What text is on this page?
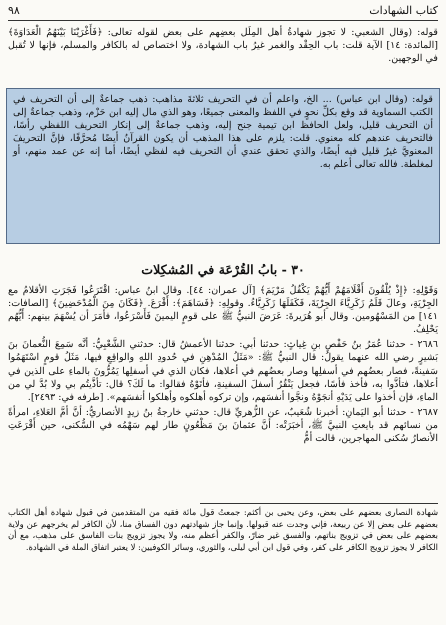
كتاب الشهادات
٩٨

قوله: (وقال الشعبي: لا تجوز شهادةُ أهل المِلَل بعضِهم على بعض لقوله تعالى: ﴿فَأَغْرَيْنَا بَيْنَهُمُ الْعَدَاوَةَ﴾ [المائدة: ١٤] الآية قلت: باب الحِقْد والغمر غيرُ باب الشهادة، ولا اختصاص له بالكافر والمسلم، فإنها لا تُقبل في الوجهين.

قوله: (وقال ابن عباس) ... الخ، واعلم أن في التحريف ثلاثةَ مذاهب: ذهب جماعةٌ إلى أن التحريف في الكتب السماوية قد وقع بكلِّ نحوٍ في اللفظ والمعنى جميعًا، وهو الذي مال إليه ابن حَزْم، وذهب جماعةٌ إلى أن التحريف قليل، ولعل الحافظ ابن تيمية جنح إليه، وذهب جماعةٌ إلى إنكار التحريف اللفظي رأسًا، فالتحريف عندهم كله معنوي. قلت: يلزم على هذا المذهب أن يكون القرآنُ أيضًا مُحرَّفًا، فإنَّ التحريفَ المعنويَّ غيرُ قليل فيه أيضًا، والذي تحقق عندي أن التحريف فيه لفظي أيضًا، أما إنه عن عمد منهم، أو لمغلطة. فالله تعالى أعلم به.

٣٠ - بابُ القُرْعَة في المُشكِلات

وَقَوْلِهِ: ﴿إِذْ يُلْقُونَ أَقْلَامَهُمْ أَيُّهُمْ يَكْفُلُ مَرْيَمَ﴾ [آل عمران: ٤٤]. وقال ابنُ عباس: اقْتَرَعُوا فَجَرَتِ الأقلامُ مع الجِرْيَةِ، وعالَ قَلَمُ زَكَرِيَّاءَ الجِرْيَةَ، فَكَفَلَهَا زَكَرِيَّاءُ. وقولِهِ: ﴿فَسَاهَمَ﴾: أَقْرَعَ. ﴿فَكَانَ مِنَ الْمُدْحَضِينَ﴾ [الصافات: ١٤١] من المَسْهُومين. وقال أبو هُرَيرةَ: عَرَضَ النبيُّ ﷺ على قومٍ اليمينَ فَأَسْرَعُوا، فأمَرَ أن يُسْهَمَ بينهم: أَيُّهُم يَحْلِفُ.

٢٦٨٦ - حدثنا عُمَرُ بنُ حَفْصِ بنِ غِياثٍ: حدثنا أبي: حدثنا الأعمشُ قال: حدثني الشَّعْبِيُّ: أنَّه سَمِعَ النُّعمانَ بنَ بَشيرٍ رضي الله عنهما يقولُ: قال النبيُّ ﷺ: «مَثَلُ المُدْهِنِ في حُدودِ اللهِ والواقِعِ فيها، مَثَلُ قومٍ اسْتَهَمُوا سَفينةً، فصار بعضُهم في أسفلِها وصار بعضُهم في أعلاها، فكان الذي في أسفلِها يَمُرُّونَ بالماءِ على الذين في أعلاها، فتأذَّوا به، فأخذ فأسًا، فجعل يَنْقُرُ أسفلَ السفينةِ، فأتَوْهُ فقالوا: ما لَكَ؟ قال: تأذَّيتُم بي ولا بُدَّ لي من الماءِ، فإن أخذوا على يَدَيْهِ أنجَوْهُ ونجَّوا أنفسَهم، وإن تركوه أهلكوه وأهلكوا أنفسَهم». [طرفه في: ٢٤٩٣].

٢٦٨٧ - حدثنا أبو اليَمانِ: أخبرنا شُعَيبٌ، عن الزُّهريِّ قال: حدثني خارجةُ بنُ زيدٍ الأنصاريُّ: أنَّ أمَّ العَلاءِ، امرأةً من نسائهم قد بايعتِ النبيَّ ﷺ، أخبَرَتْه: أنَّ عثمانَ بنَ مَظْعُونٍ طار لهم سَهْمُه في السُّكنى، حين أَقْرَعَتِ الأنصارُ سُكنى المهاجرين، قالت أمُّ

شهادة النصارى بعضهم على بعض، وعن يحيى بن أكثم: جمعتُ قول مائة فقيه من المتقدمين في قبول شهادة أهل الكتاب بعضهم على بعض إلا عن ربيعة، فإني وجدت عنه قبولها. وإنما جاز شهادتهم دون الفساق منا، لأن الكافر لم يخرجهم عن ولاية بعضهم على بعض في تزويج بناتهم، والفسق غير ضارّ، والكفر أعظم منه، ولا يجوز تزويج بنات الفاسق على مذهب، مع أن الكافر لا يجوز تزويج الكافر على كفر، وفي قول ابن أبي ليلى، والثوري، وسائر الكوفيين: لا يعتبر اتفاق الملة في الشهادة.
